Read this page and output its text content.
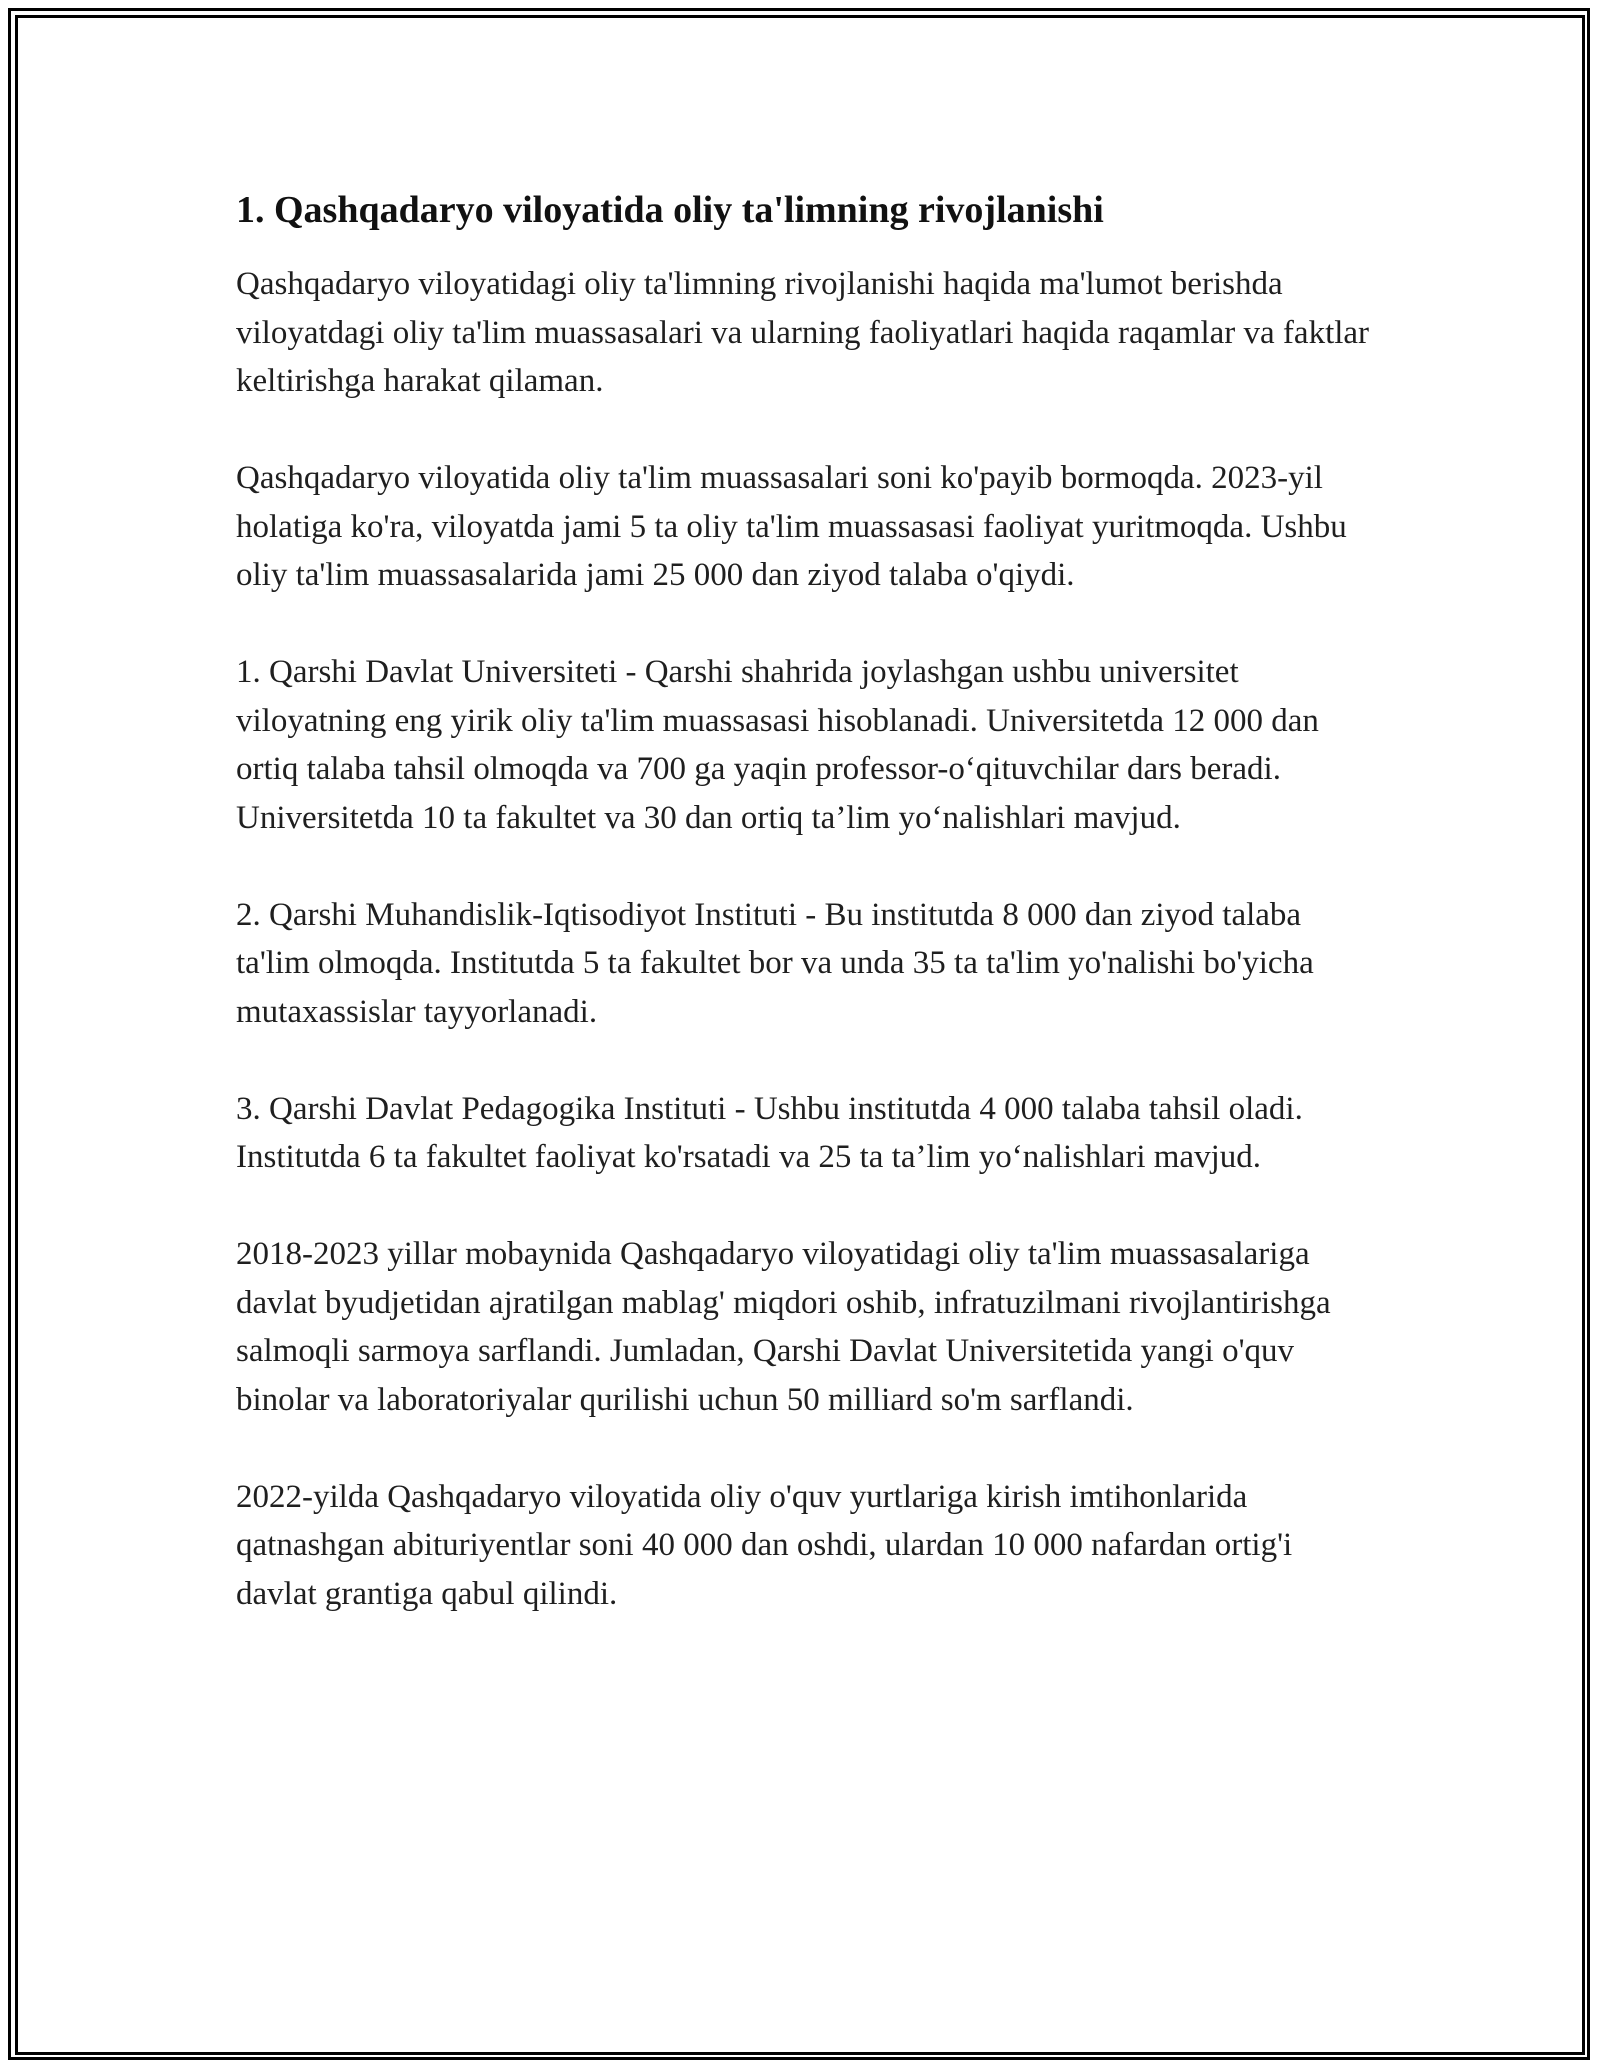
1. Qashqadaryo viloyatida oliy ta'limning rivojlanishi

Qashqadaryo viloyatidagi oliy ta'limning rivojlanishi haqida ma'lumot berishda viloyatdagi oliy ta'lim muassasalari va ularning faoliyatlari haqida raqamlar va faktlar keltirishga harakat qilaman.

Qashqadaryo viloyatida oliy ta'lim muassasalari soni ko'payib bormoqda. 2023-yil holatiga ko'ra, viloyatda jami 5 ta oliy ta'lim muassasasi faoliyat yuritmoqda. Ushbu oliy ta'lim muassasalarida jami 25 000 dan ziyod talaba o'qiydi.

1. Qarshi Davlat Universiteti - Qarshi shahrida joylashgan ushbu universitet viloyatning eng yirik oliy ta'lim muassasasi hisoblanadi. Universitetda 12 000 dan ortiq talaba tahsil olmoqda va 700 ga yaqin professor-o‘qituvchilar dars beradi. Universitetda 10 ta fakultet va 30 dan ortiq ta’lim yo‘nalishlari mavjud.

2. Qarshi Muhandislik-Iqtisodiyot Instituti - Bu institutda 8 000 dan ziyod talaba ta'lim olmoqda. Institutda 5 ta fakultet bor va unda 35 ta ta'lim yo'nalishi bo'yicha mutaxassislar tayyorlanadi.

3. Qarshi Davlat Pedagogika Instituti - Ushbu institutda 4 000 talaba tahsil oladi. Institutda 6 ta fakultet faoliyat ko'rsatadi va 25 ta ta’lim yo‘nalishlari mavjud.

2018-2023 yillar mobaynida Qashqadaryo viloyatidagi oliy ta'lim muassasalariga davlat byudjetidan ajratilgan mablag' miqdori oshib, infratuzilmani rivojlantirishga salmoqli sarmoya sarflandi. Jumladan, Qarshi Davlat Universitetida yangi o'quv binolar va laboratoriyalar qurilishi uchun 50 milliard so'm sarflandi.

2022-yilda Qashqadaryo viloyatida oliy o'quv yurtlariga kirish imtihonlarida qatnashgan abituriyentlar soni 40 000 dan oshdi, ulardan 10 000 nafardan ortig'i davlat grantiga qabul qilindi.
